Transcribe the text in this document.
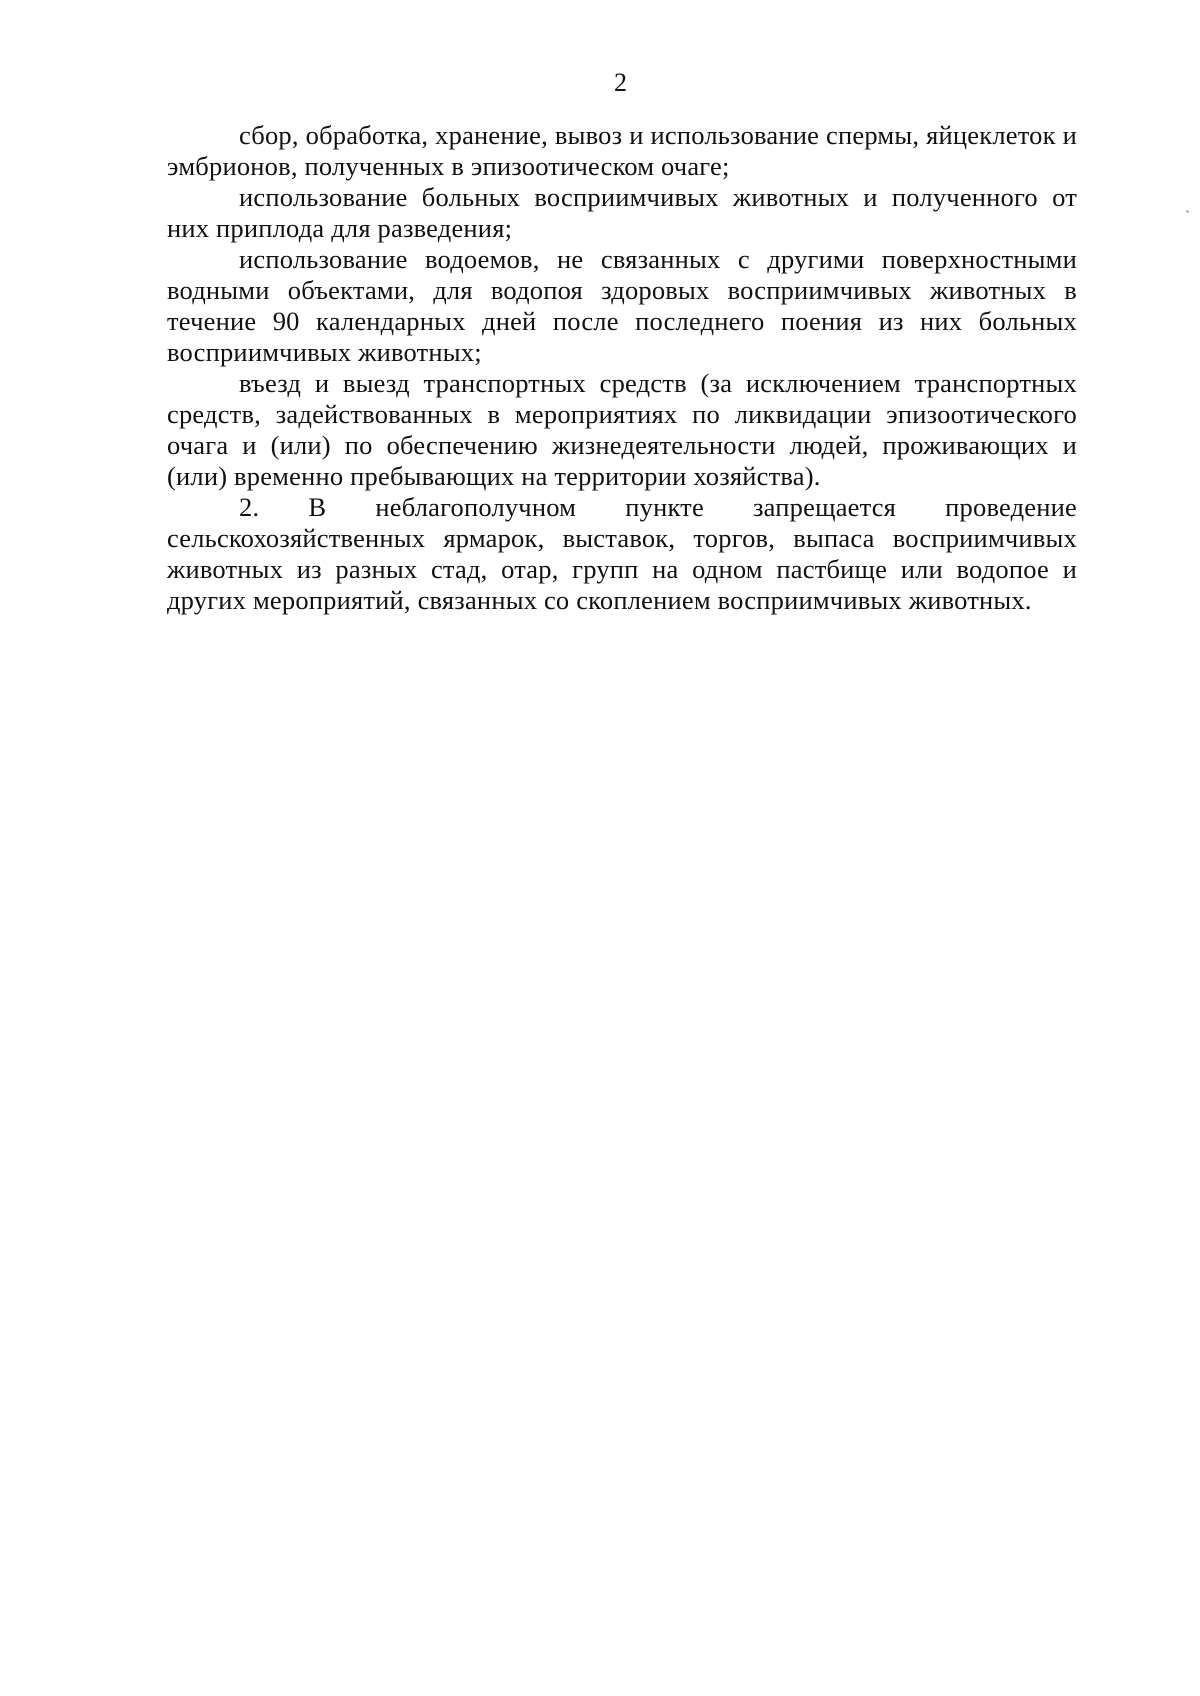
2

сбор, обработка, хранение, вывоз и использование спермы, яйцеклеток и эмбрионов, полученных в эпизоотическом очаге;

использование больных восприимчивых животных и полученного от них приплода для разведения;

использование водоемов, не связанных с другими поверхностными водными объектами, для водопоя здоровых восприимчивых животных в течение 90 календарных дней после последнего поения из них больных восприимчивых животных;

въезд и выезд транспортных средств (за исключением транспортных средств, задействованных в мероприятиях по ликвидации эпизоотического очага и (или) по обеспечению жизнедеятельности людей, проживающих и (или) временно пребывающих на территории хозяйства).

2. В неблагополучном пункте запрещается проведение сельскохозяйственных ярмарок, выставок, торгов, выпаса восприимчивых животных из разных стад, отар, групп на одном пастбище или водопое и других мероприятий, связанных со скоплением восприимчивых животных.
